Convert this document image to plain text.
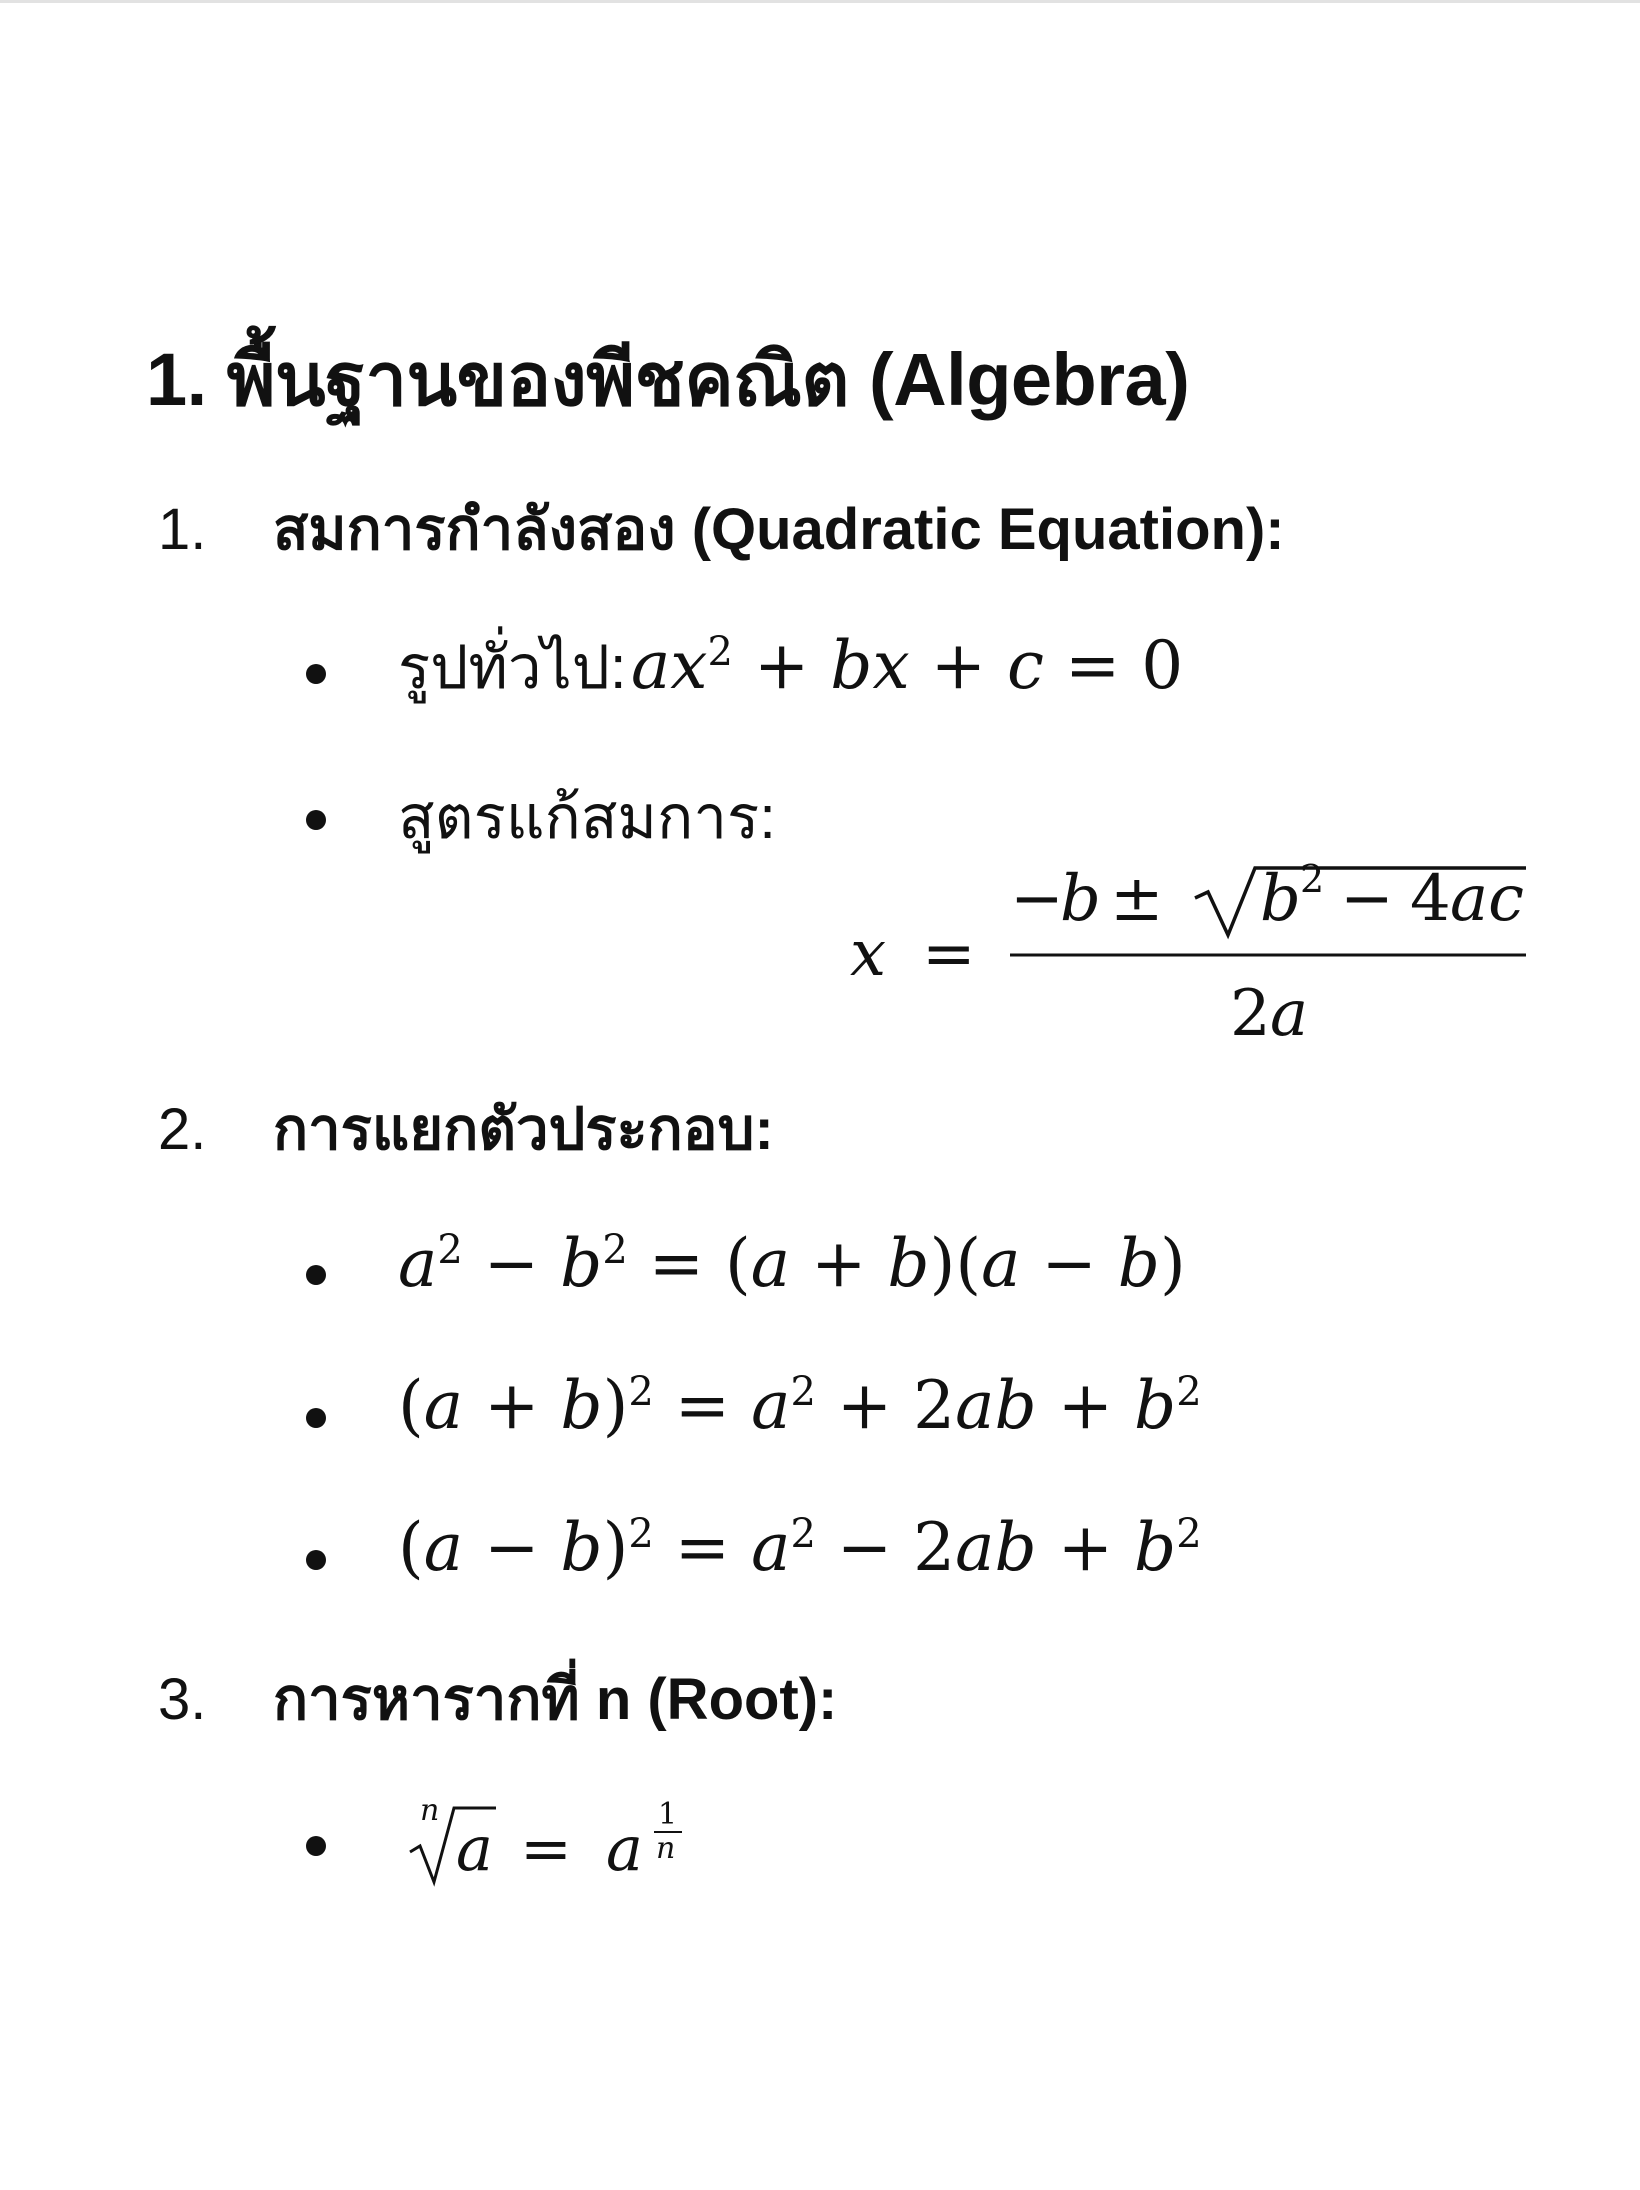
1. พื้นฐานของพีชคณิต (Algebra)
1. สมการกำลังสอง (Quadratic Equation):
รูปทั่วไป: $ax^2$ + bx + c = 0
สูตรแก้สมการ:
x =
−
b ± b 2 − 4 ac
2 a
2. การแยกตัวประกอบ:
$a^2 - b^2 = (a + b)(a - b)$
$(a + b)^2 = a^2 + 2ab + b^2$
$(a - b)^2 = a^2 - 2ab + b^2$
3. การหารากที่ n (Root):
n
a = a 1
n
